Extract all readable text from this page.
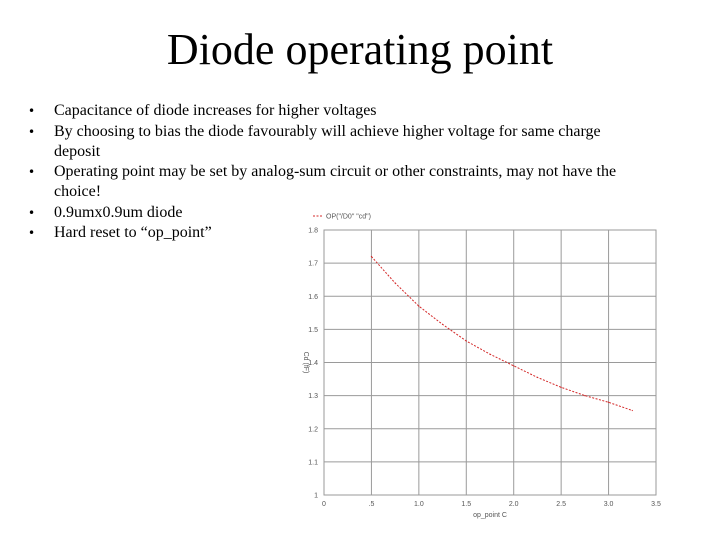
Diode operating point
• Capacitance of diode increases for higher voltages
• By choosing to bias the diode favourably will achieve higher voltage for same charge deposit
• Operating point may be set by analog-sum circuit or other constraints, may not have the choice!
• 0.9umx0.9um diode
• Hard reset to “op_point”
0	.5	1.0	1.5	2.0	2.5	3.0	3.5
1
1.1
1.2
1.3
1.4
1.5
1.6
1.7
1.8
op_point C
Cd (fF)
OP("/D0" "cd")
